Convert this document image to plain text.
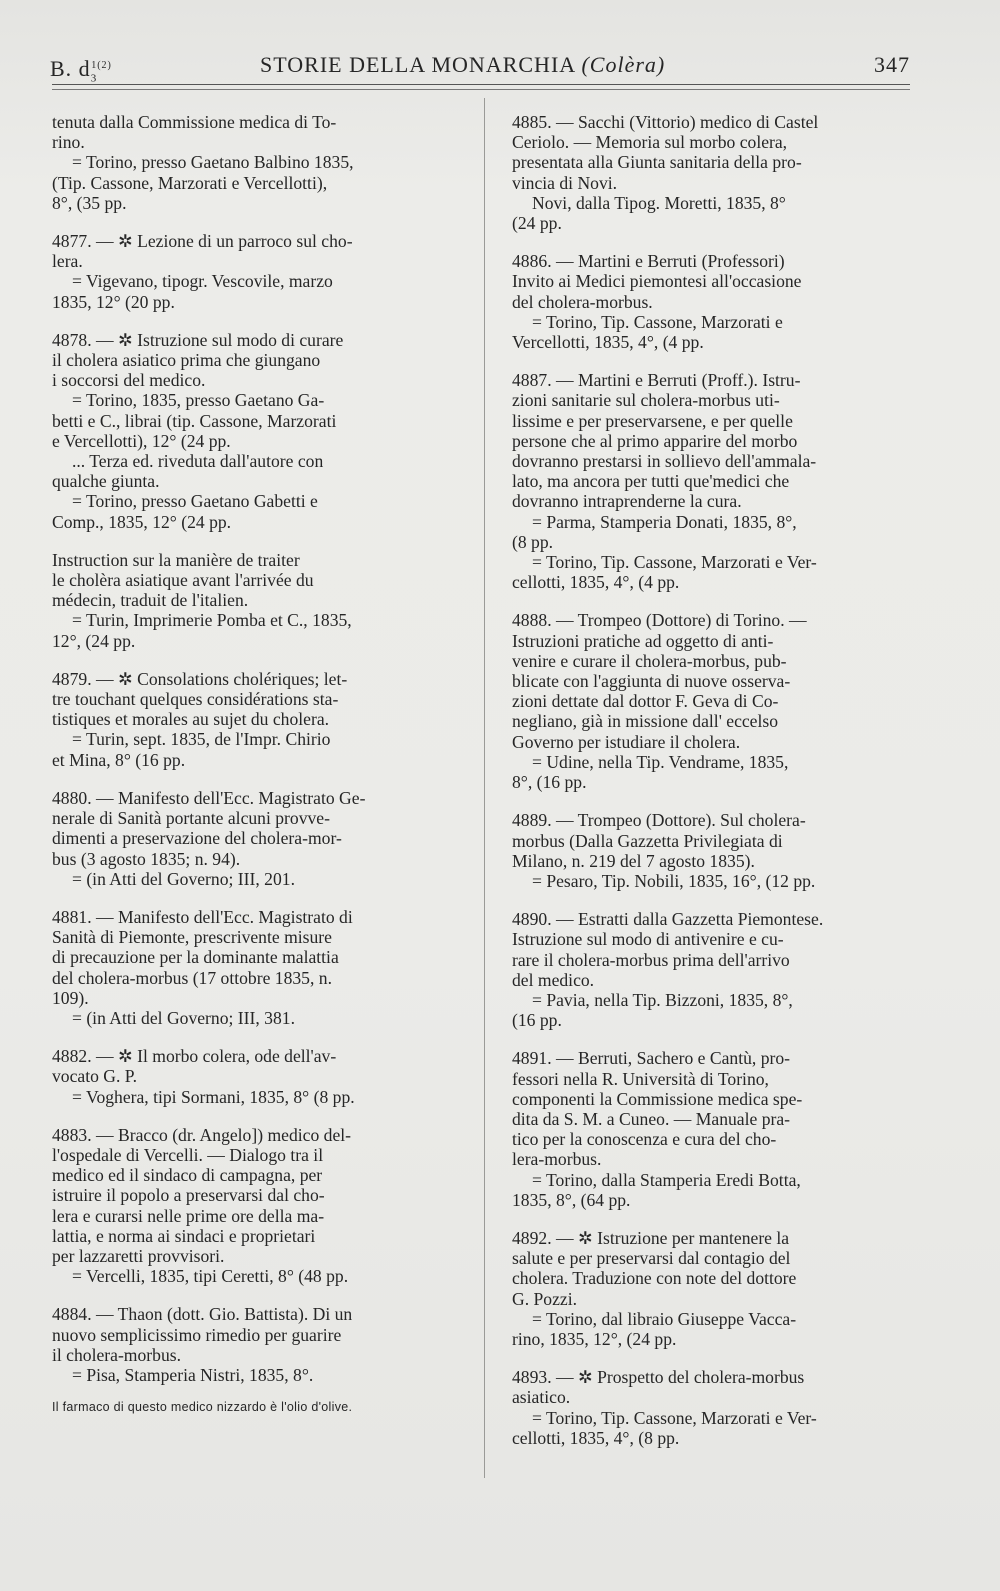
B. $d_3^{1(2)}$	STORIE DELLA MONARCHIA (Colèra)	347
tenuta dalla Commissione medica di To-
rino.
= Torino, presso Gaetano Balbino 1835,
(Tip. Cassone, Marzorati e Vercellotti),
8°, (35 pp.
4877. — ✲ Lezione di un parroco sul cho-
lera.
= Vigevano, tipogr. Vescovile, marzo
1835, 12° (20 pp.
4878. — ✲ Istruzione sul modo di curare
il cholera asiatico prima che giungano
i soccorsi del medico.
= Torino, 1835, presso Gaetano Ga-
betti e C., librai (tip. Cassone, Marzorati
e Vercellotti), 12° (24 pp.
... Terza ed. riveduta dall'autore con
qualche giunta.
= Torino, presso Gaetano Gabetti e
Comp., 1835, 12° (24 pp.
Instruction sur la manière de traiter
le cholèra asiatique avant l'arrivée du
médecin, traduit de l'italien.
= Turin, Imprimerie Pomba et C., 1835,
12°, (24 pp.
4879. — ✲ Consolations cholériques; let-
tre touchant quelques considérations sta-
tistiques et morales au sujet du cholera.
= Turin, sept. 1835, de l'Impr. Chirio
et Mina, 8° (16 pp.
4880. — Manifesto dell'Ecc. Magistrato Ge-
nerale di Sanità portante alcuni provve-
dimenti a preservazione del cholera-mor-
bus (3 agosto 1835; n. 94).
= (in Atti del Governo; III, 201.
4881. — Manifesto dell'Ecc. Magistrato di
Sanità di Piemonte, prescrivente misure
di precauzione per la dominante malattia
del cholera-morbus (17 ottobre 1835, n.
109).
= (in Atti del Governo; III, 381.
4882. — ✲ Il morbo colera, ode dell'av-
vocato G. P.
= Voghera, tipi Sormani, 1835, 8° (8 pp.
4883. — Bracco (dr. Angelo]) medico del-
l'ospedale di Vercelli. — Dialogo tra il
medico ed il sindaco di campagna, per
istruire il popolo a preservarsi dal cho-
lera e curarsi nelle prime ore della ma-
lattia, e norma ai sindaci e proprietari
per lazzaretti provvisori.
= Vercelli, 1835, tipi Ceretti, 8° (48 pp.
4884. — Thaon (dott. Gio. Battista). Di un
nuovo semplicissimo rimedio per guarire
il cholera-morbus.
= Pisa, Stamperia Nistri, 1835, 8°.
Il farmaco di questo medico nizzardo è l'olio d'olive.
4885. — Sacchi (Vittorio) medico di Castel
Ceriolo. — Memoria sul morbo colera,
presentata alla Giunta sanitaria della pro-
vincia di Novi.
Novi, dalla Tipog. Moretti, 1835, 8°
(24 pp.
4886. — Martini e Berruti (Professori)
Invito ai Medici piemontesi all'occasione
del cholera-morbus.
= Torino, Tip. Cassone, Marzorati e
Vercellotti, 1835, 4°, (4 pp.
4887. — Martini e Berruti (Proff.). Istru-
zioni sanitarie sul cholera-morbus uti-
lissime e per preservarsene, e per quelle
persone che al primo apparire del morbo
dovranno prestarsi in sollievo dell'ammala-
lato, ma ancora per tutti que'medici che
dovranno intraprenderne la cura.
= Parma, Stamperia Donati, 1835, 8°,
(8 pp.
= Torino, Tip. Cassone, Marzorati e Ver-
cellotti, 1835, 4°, (4 pp.
4888. — Trompeo (Dottore) di Torino. —
Istruzioni pratiche ad oggetto di anti-
venire e curare il cholera-morbus, pub-
blicate con l'aggiunta di nuove osserva-
zioni dettate dal dottor F. Geva di Co-
negliano, già in missione dall' eccelso
Governo per istudiare il cholera.
= Udine, nella Tip. Vendrame, 1835,
8°, (16 pp.
4889. — Trompeo (Dottore). Sul cholera-
morbus (Dalla Gazzetta Privilegiata di
Milano, n. 219 del 7 agosto 1835).
= Pesaro, Tip. Nobili, 1835, 16°, (12 pp.
4890. — Estratti dalla Gazzetta Piemontese.
Istruzione sul modo di antivenire e cu-
rare il cholera-morbus prima dell'arrivo
del medico.
= Pavia, nella Tip. Bizzoni, 1835, 8°,
(16 pp.
4891. — Berruti, Sachero e Cantù, pro-
fessori nella R. Università di Torino,
componenti la Commissione medica spe-
dita da S. M. a Cuneo. — Manuale pra-
tico per la conoscenza e cura del cho-
lera-morbus.
= Torino, dalla Stamperia Eredi Botta,
1835, 8°, (64 pp.
4892. — ✲ Istruzione per mantenere la
salute e per preservarsi dal contagio del
cholera. Traduzione con note del dottore
G. Pozzi.
= Torino, dal libraio Giuseppe Vacca-
rino, 1835, 12°, (24 pp.
4893. — ✲ Prospetto del cholera-morbus
asiatico.
= Torino, Tip. Cassone, Marzorati e Ver-
cellotti, 1835, 4°, (8 pp.
